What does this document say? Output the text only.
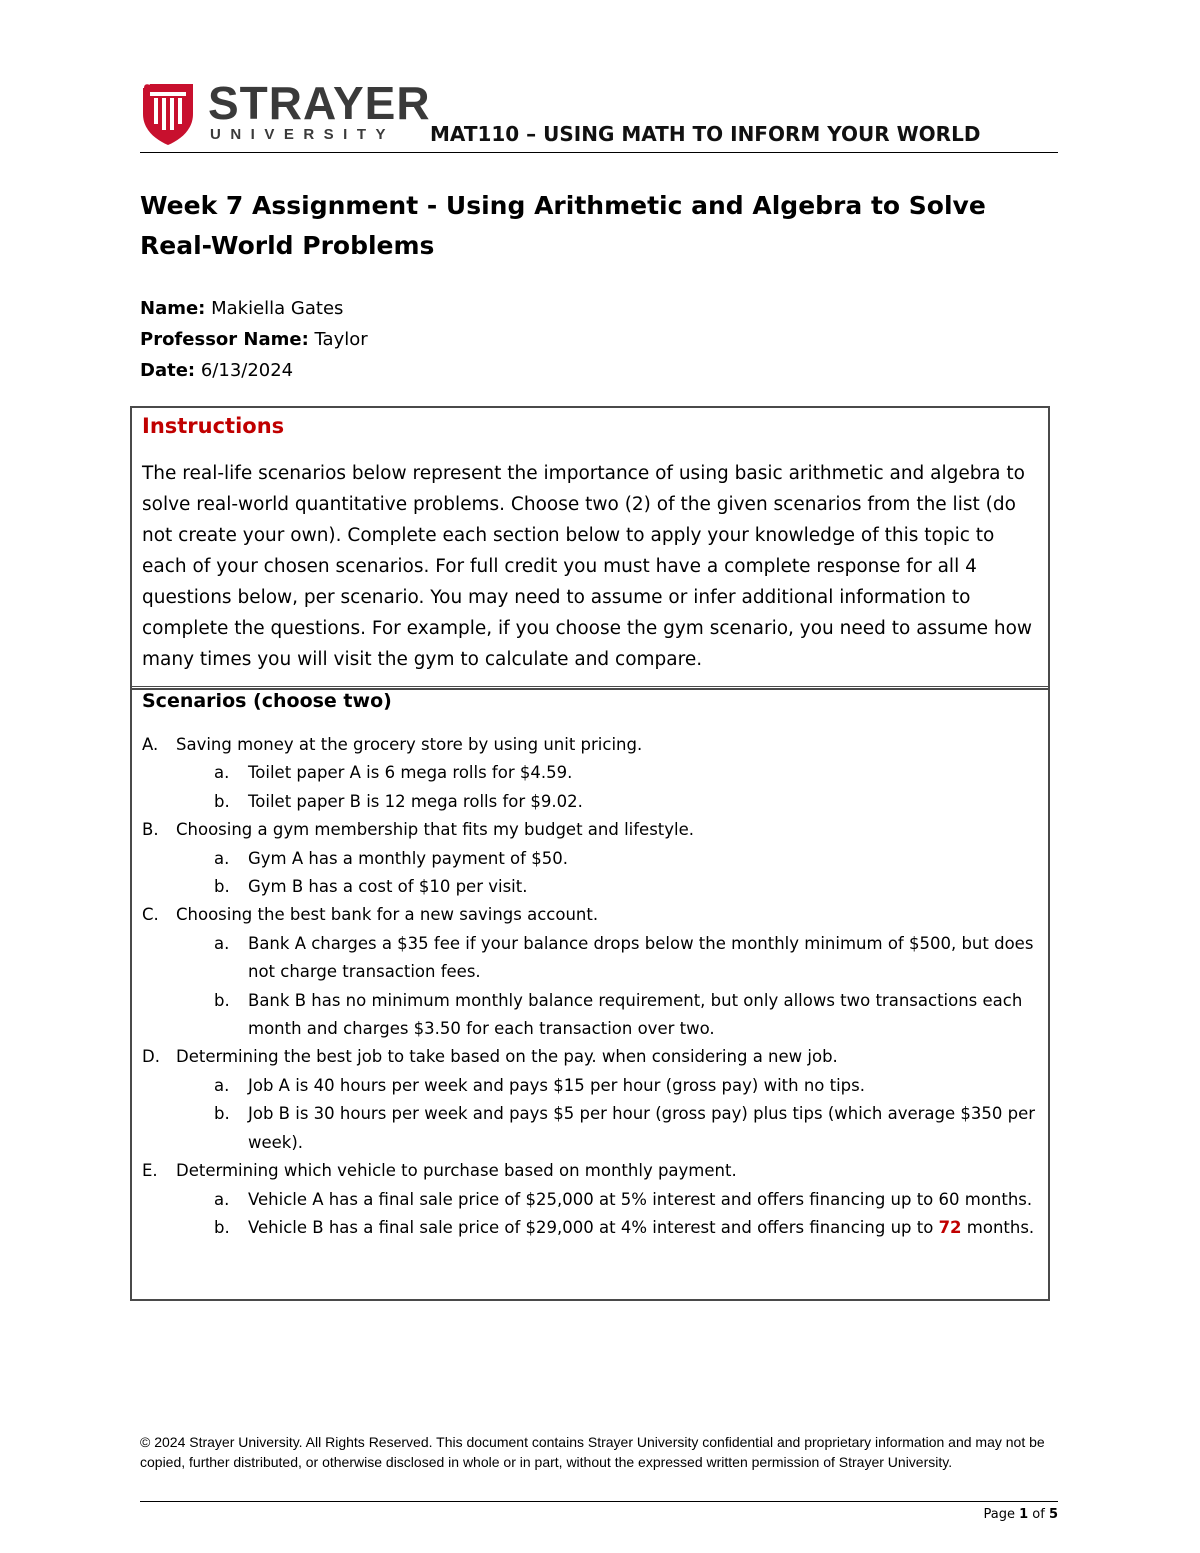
STRAYER
UNIVERSITY MAT110 – USING MATH TO INFORM YOUR WORLD
Week 7 Assignment - Using Arithmetic and Algebra to Solve Real-World Problems
Name: Makiella Gates
Professor Name: Taylor
Date: 6/13/2024
Instructions
The real-life scenarios below represent the importance of using basic arithmetic and algebra to solve real-world quantitative problems. Choose two (2) of the given scenarios from the list (do not create your own). Complete each section below to apply your knowledge of this topic to each of your chosen scenarios. For full credit you must have a complete response for all 4 questions below, per scenario. You may need to assume or infer additional information to complete the questions. For example, if you choose the gym scenario, you need to assume how many times you will visit the gym to calculate and compare.
Scenarios (choose two)
A.	Saving money at the grocery store by using unit pricing.
a.	Toilet paper A is 6 mega rolls for $4.59.
b.	Toilet paper B is 12 mega rolls for $9.02.
B.	Choosing a gym membership that fits my budget and lifestyle.
a.	Gym A has a monthly payment of $50.
b.	Gym B has a cost of $10 per visit.
C.	Choosing the best bank for a new savings account.
a.	Bank A charges a $35 fee if your balance drops below the monthly minimum of $500, but does not charge transaction fees.
b.	Bank B has no minimum monthly balance requirement, but only allows two transactions each month and charges $3.50 for each transaction over two.
D. Determining the best job to take based on the pay. when considering a new job.
a.	Job A is 40 hours per week and pays $15 per hour (gross pay) with no tips.
b.	Job B is 30 hours per week and pays $5 per hour (gross pay) plus tips (which average $350 per week).
E.	Determining which vehicle to purchase based on monthly payment.
a.	Vehicle A has a final sale price of $25,000 at 5% interest and offers financing up to 60 months.
b.	Vehicle B has a final sale price of $29,000 at 4% interest and offers financing up to 72 months.
© 2024 Strayer University. All Rights Reserved. This document contains Strayer University confidential and proprietary information and may not be copied, further distributed, or otherwise disclosed in whole or in part, without the expressed written permission of Strayer University.
Page 1 of 5
